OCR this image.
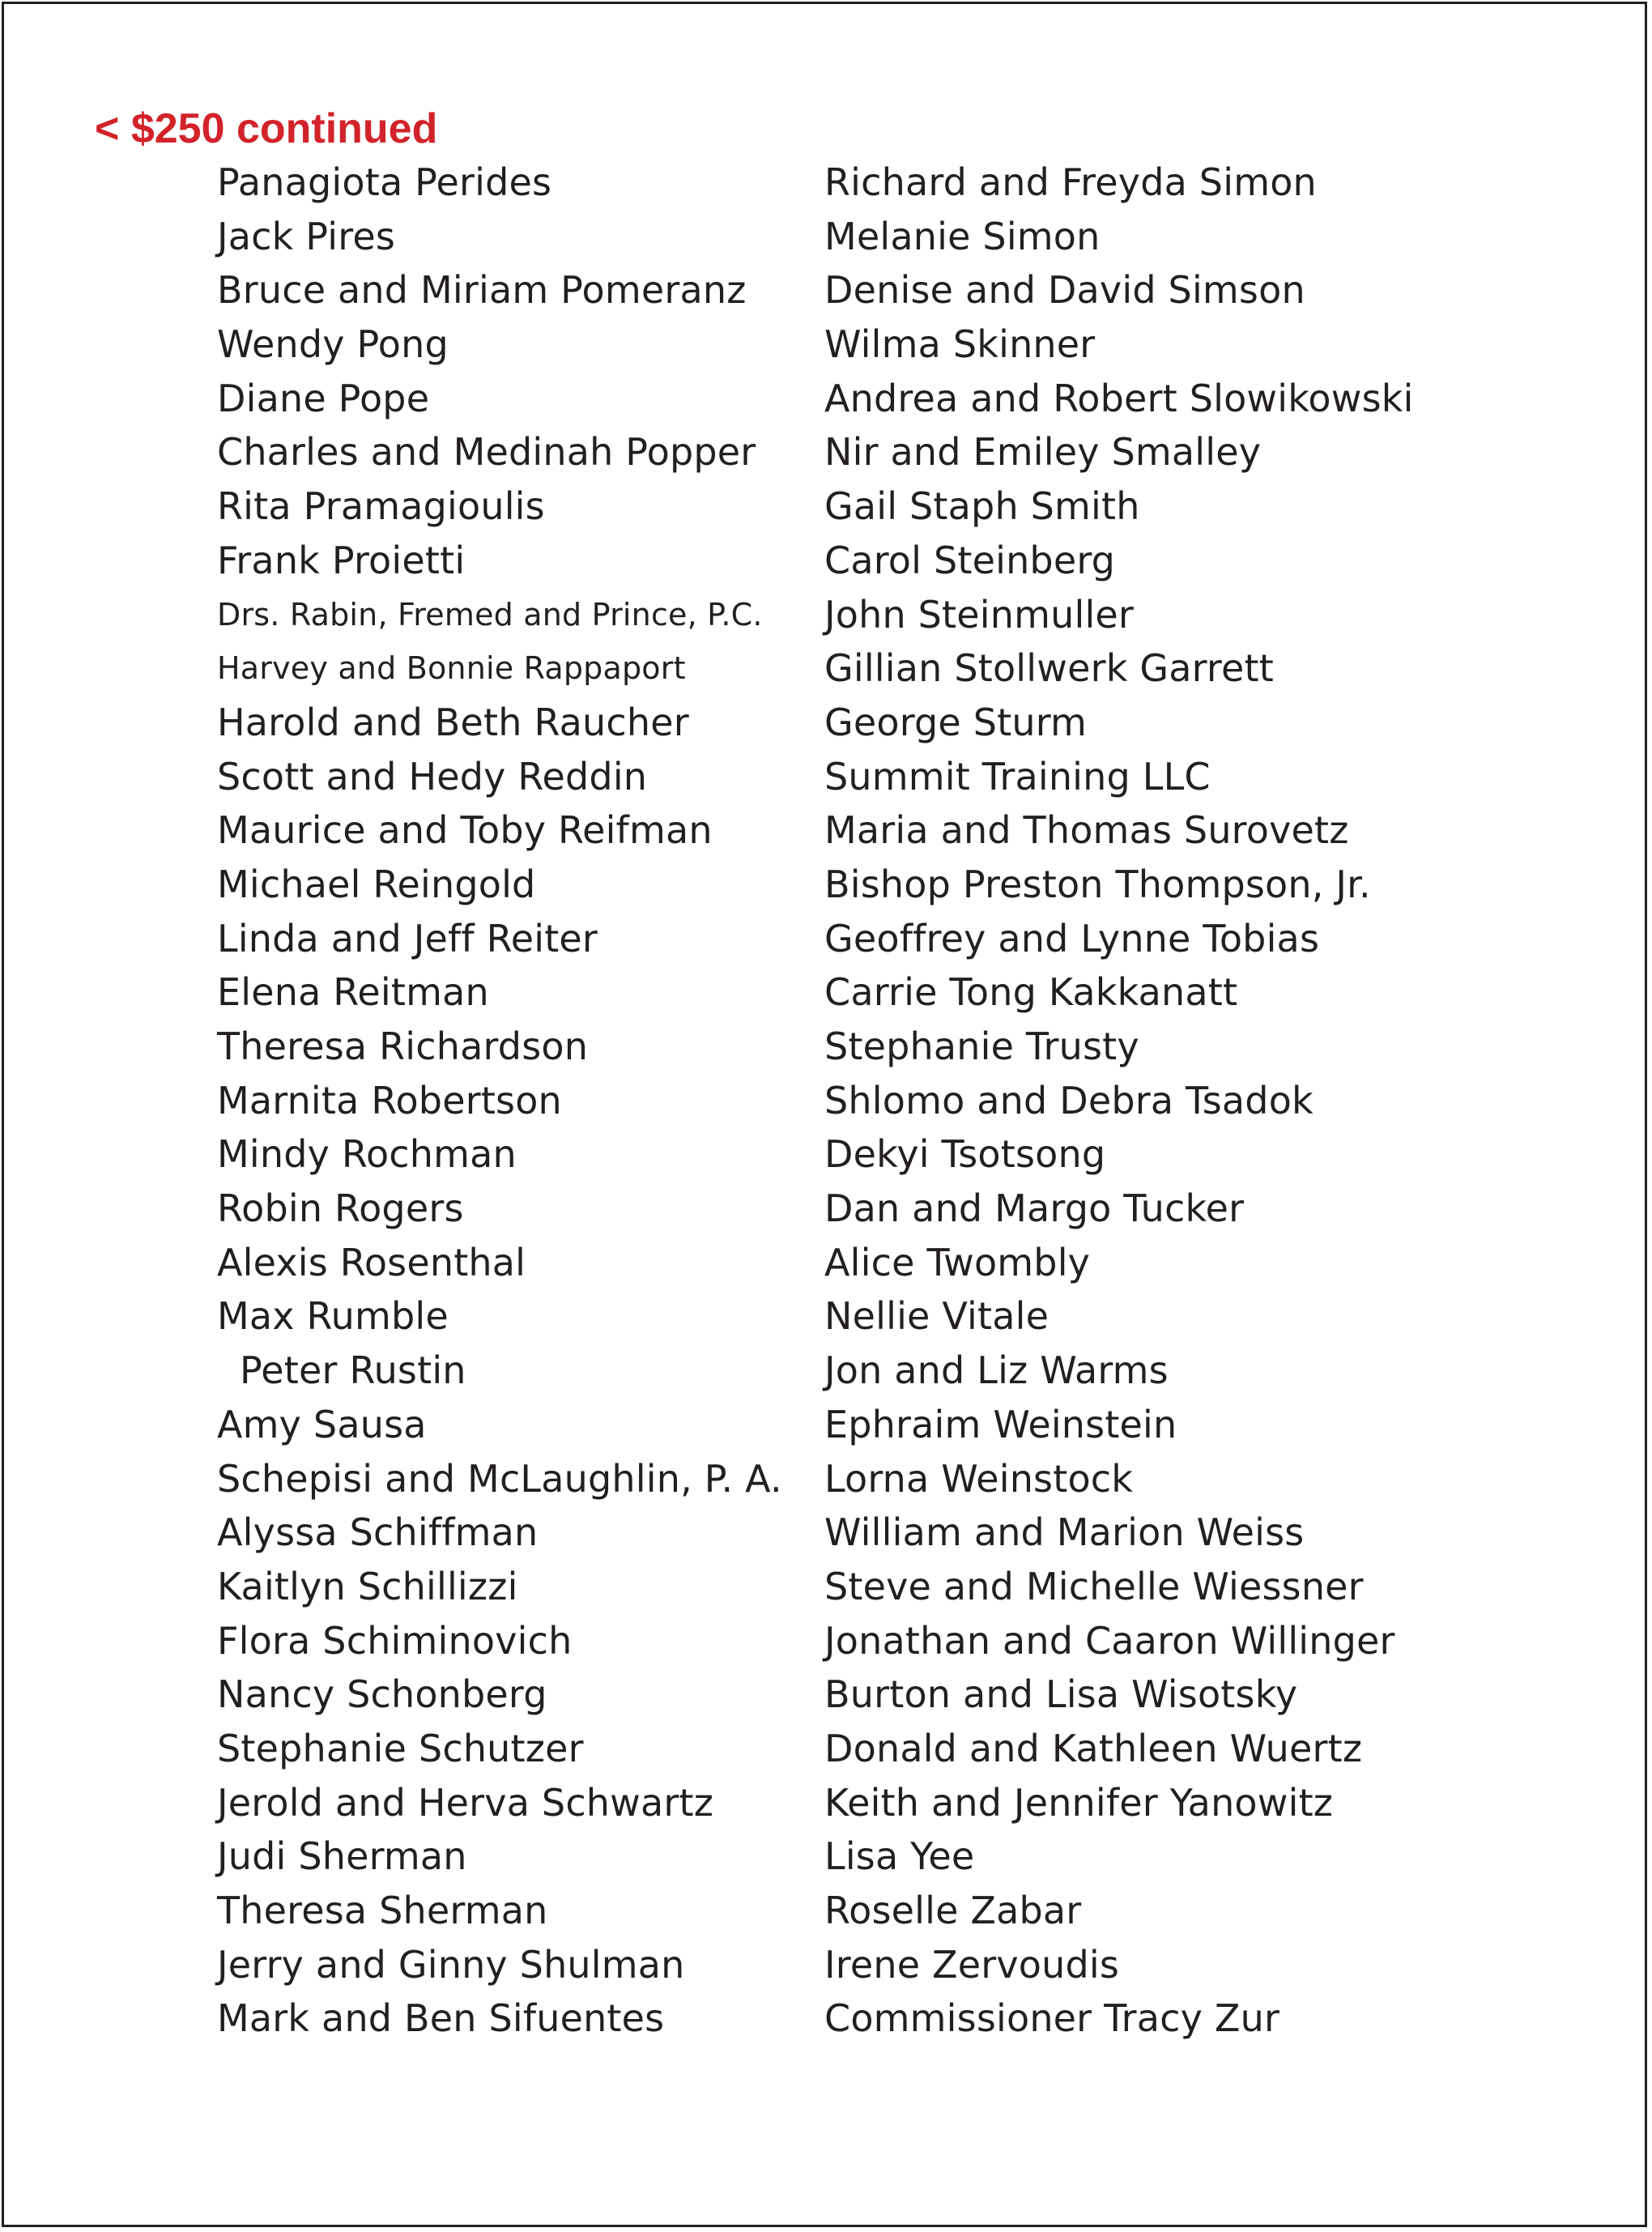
< $250 continued
Panagiota Perides
Jack Pires
Bruce and Miriam Pomeranz
Wendy Pong
Diane Pope
Charles and Medinah Popper
Rita Pramagioulis
Frank Proietti
Drs. Rabin, Fremed and Prince, P.C.
Harvey and Bonnie Rappaport
Harold and Beth Raucher
Scott and Hedy Reddin
Maurice and Toby Reifman
Michael Reingold
Linda and Jeff Reiter
Elena Reitman
Theresa Richardson
Marnita Robertson
Mindy Rochman
Robin Rogers
Alexis Rosenthal
Max Rumble
Peter Rustin
Amy Sausa
Schepisi and McLaughlin, P. A.
Alyssa Schiffman
Kaitlyn Schillizzi
Flora Schiminovich
Nancy Schonberg
Stephanie Schutzer
Jerold and Herva Schwartz
Judi Sherman
Theresa Sherman
Jerry and Ginny Shulman
Mark and Ben Sifuentes
Richard and Freyda Simon
Melanie Simon
Denise and David Simson
Wilma Skinner
Andrea and Robert Slowikowski
Nir and Emiley Smalley
Gail Staph Smith
Carol Steinberg
John Steinmuller
Gillian Stollwerk Garrett
George Sturm
Summit Training LLC
Maria and Thomas Surovetz
Bishop Preston Thompson, Jr.
Geoffrey and Lynne Tobias
Carrie Tong Kakkanatt
Stephanie Trusty
Shlomo and Debra Tsadok
Dekyi Tsotsong
Dan and Margo Tucker
Alice Twombly
Nellie Vitale
Jon and Liz Warms
Ephraim Weinstein
Lorna Weinstock
William and Marion Weiss
Steve and Michelle Wiessner
Jonathan and Caaron Willinger
Burton and Lisa Wisotsky
Donald and Kathleen Wuertz
Keith and Jennifer Yanowitz
Lisa Yee
Roselle Zabar
Irene Zervoudis
Commissioner Tracy Zur
